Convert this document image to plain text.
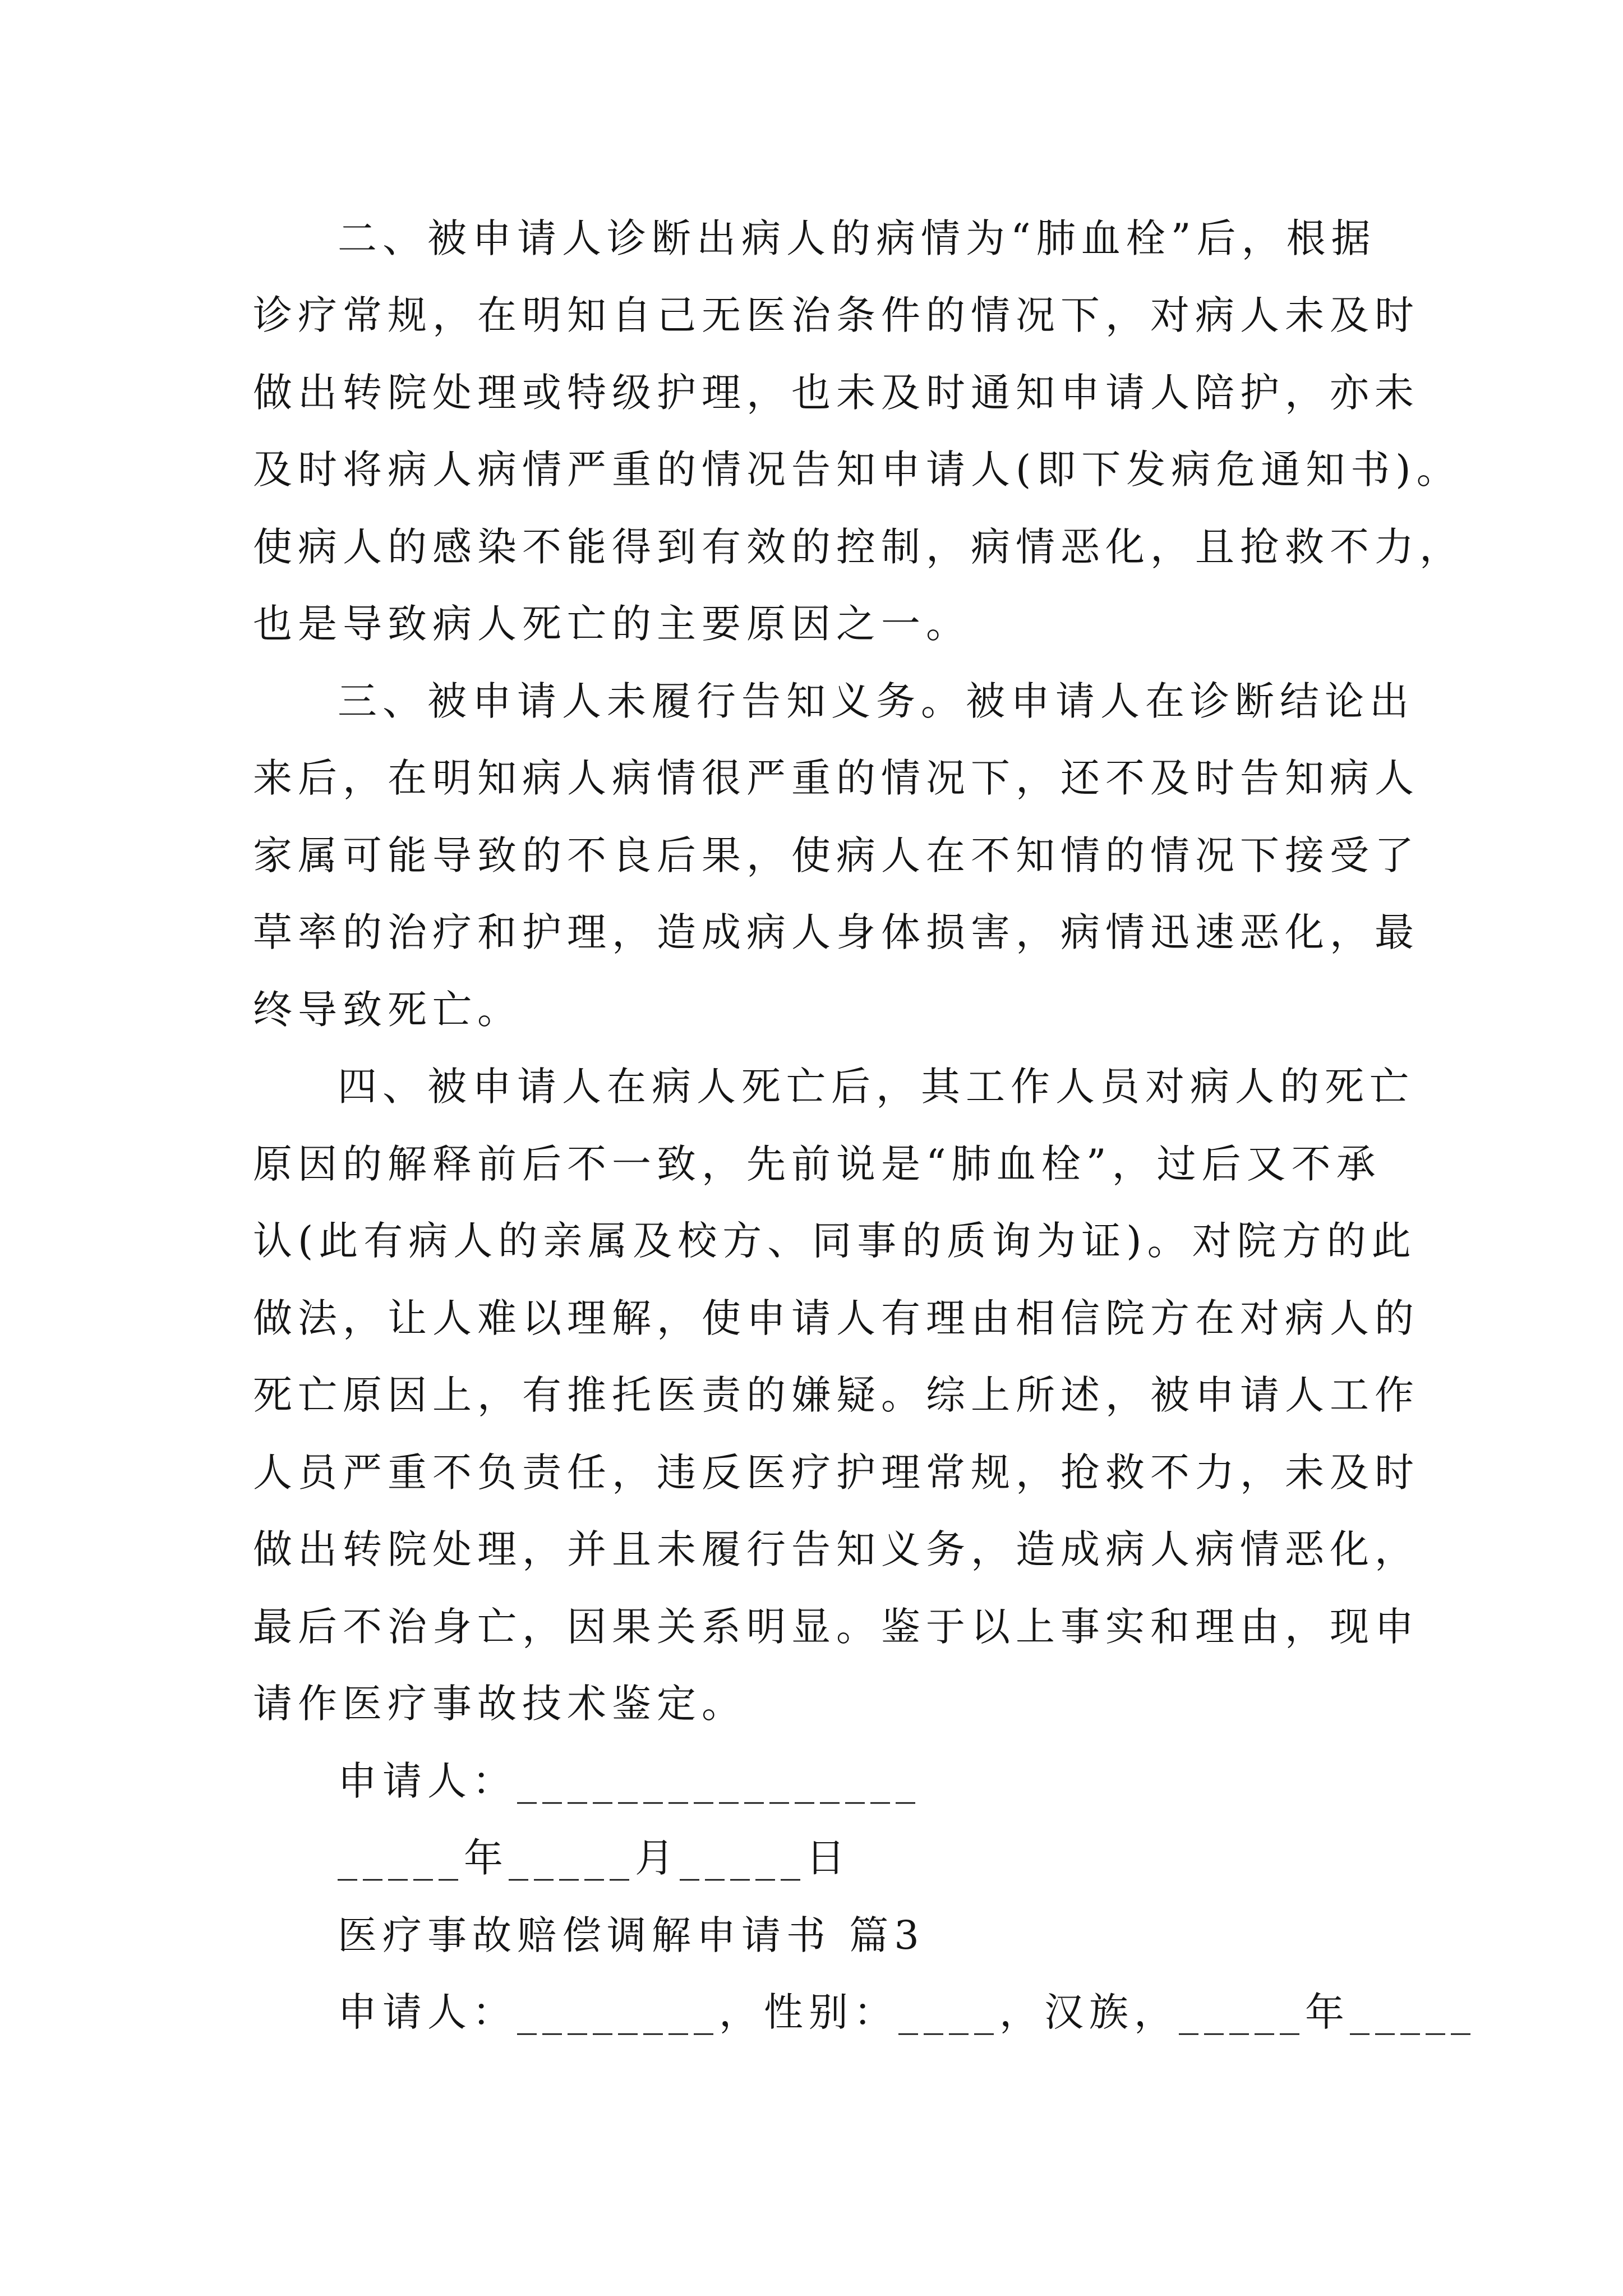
二、被申请人诊断出病人的病情为“肺血栓”后，根据
诊疗常规，在明知自己无医治条件的情况下，对病人未及时
做出转院处理或特级护理，也未及时通知申请人陪护，亦未
及时将病人病情严重的情况告知申请人(即下发病危通知书)。
使病人的感染不能得到有效的控制，病情恶化，且抢救不力，
也是导致病人死亡的主要原因之一。
三、被申请人未履行告知义务。被申请人在诊断结论出
来后，在明知病人病情很严重的情况下，还不及时告知病人
家属可能导致的不良后果，使病人在不知情的情况下接受了
草率的治疗和护理，造成病人身体损害，病情迅速恶化，最
终导致死亡。
四、被申请人在病人死亡后，其工作人员对病人的死亡
原因的解释前后不一致，先前说是“肺血栓”，过后又不承
认(此有病人的亲属及校方、同事的质询为证)。对院方的此
做法，让人难以理解，使申请人有理由相信院方在对病人的
死亡原因上，有推托医责的嫌疑。综上所述，被申请人工作
人员严重不负责任，违反医疗护理常规，抢救不力，未及时
做出转院处理，并且未履行告知义务，造成病人病情恶化，
最后不治身亡，因果关系明显。鉴于以上事实和理由，现申
请作医疗事故技术鉴定。
申请人：________________
_____年_____月_____日
医疗事故赔偿调解申请书 篇3
申请人：________，性别：____，汉族，_____年_____
